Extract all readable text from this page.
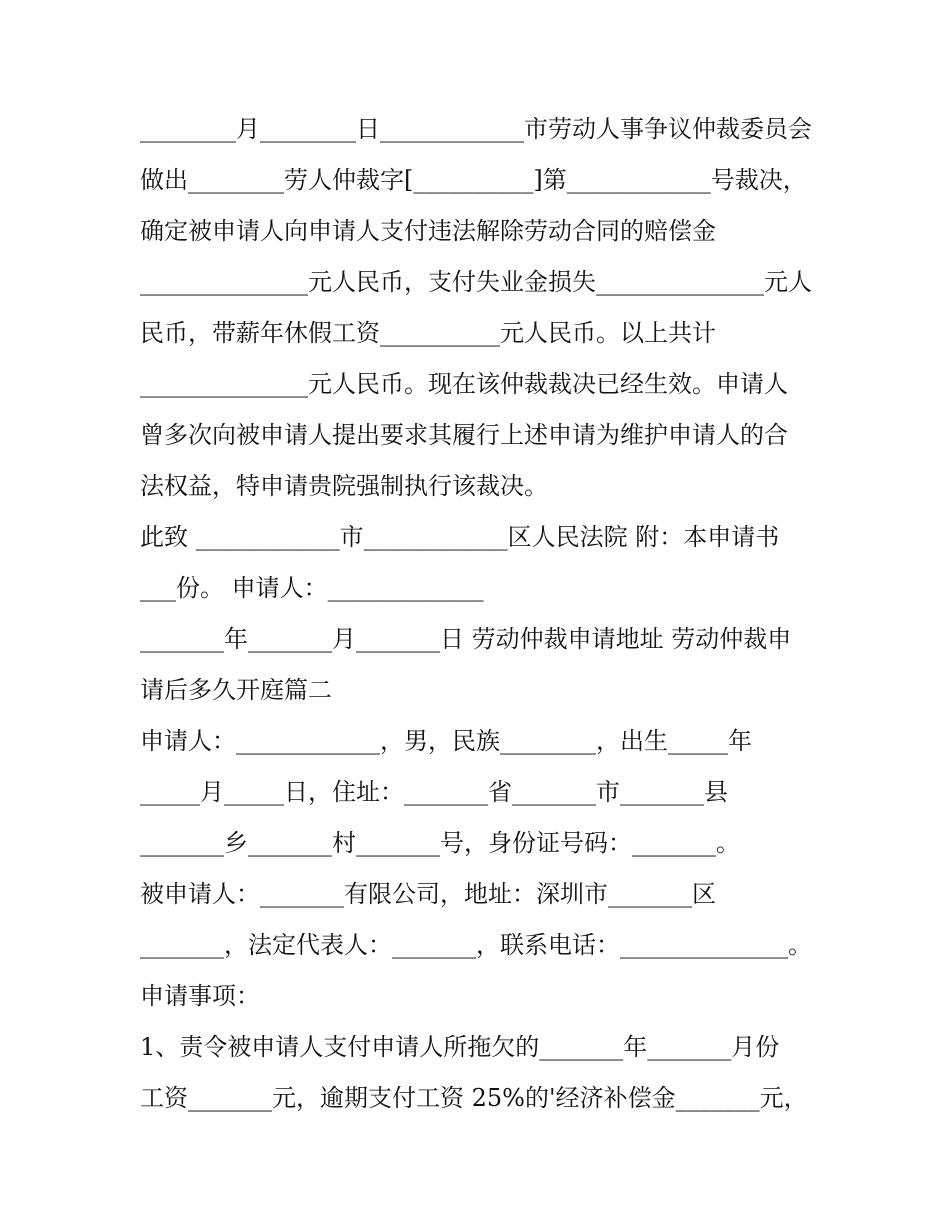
________月________日____________市劳动人事争议仲裁委员会
做出________劳人仲裁字[__________]第____________号裁决，
确定被申请人向申请人支付违法解除劳动合同的赔偿金
______________元人民币，支付失业金损失______________元人
民币，带薪年休假工资__________元人民币。以上共计
______________元人民币。现在该仲裁裁决已经生效。申请人
曾多次向被申请人提出要求其履行上述申请为维护申请人的合
法权益，特申请贵院强制执行该裁决。
此致 ____________市____________区人民法院 附：本申请书
___份。 申请人：_____________
_______年_______月_______日 劳动仲裁申请地址 劳动仲裁申
请后多久开庭篇二
申请人：____________，男，民族________，出生_____年
_____月_____日，住址：_______省_______市_______县
_______乡_______村_______号，身份证号码：_______。
被申请人：_______有限公司，地址：深圳市_______区
_______，法定代表人：_______，联系电话：______________。
申请事项：
1、责令被申请人支付申请人所拖欠的_______年_______月份
工资_______元，逾期支付工资 25%的'经济补偿金_______元，
